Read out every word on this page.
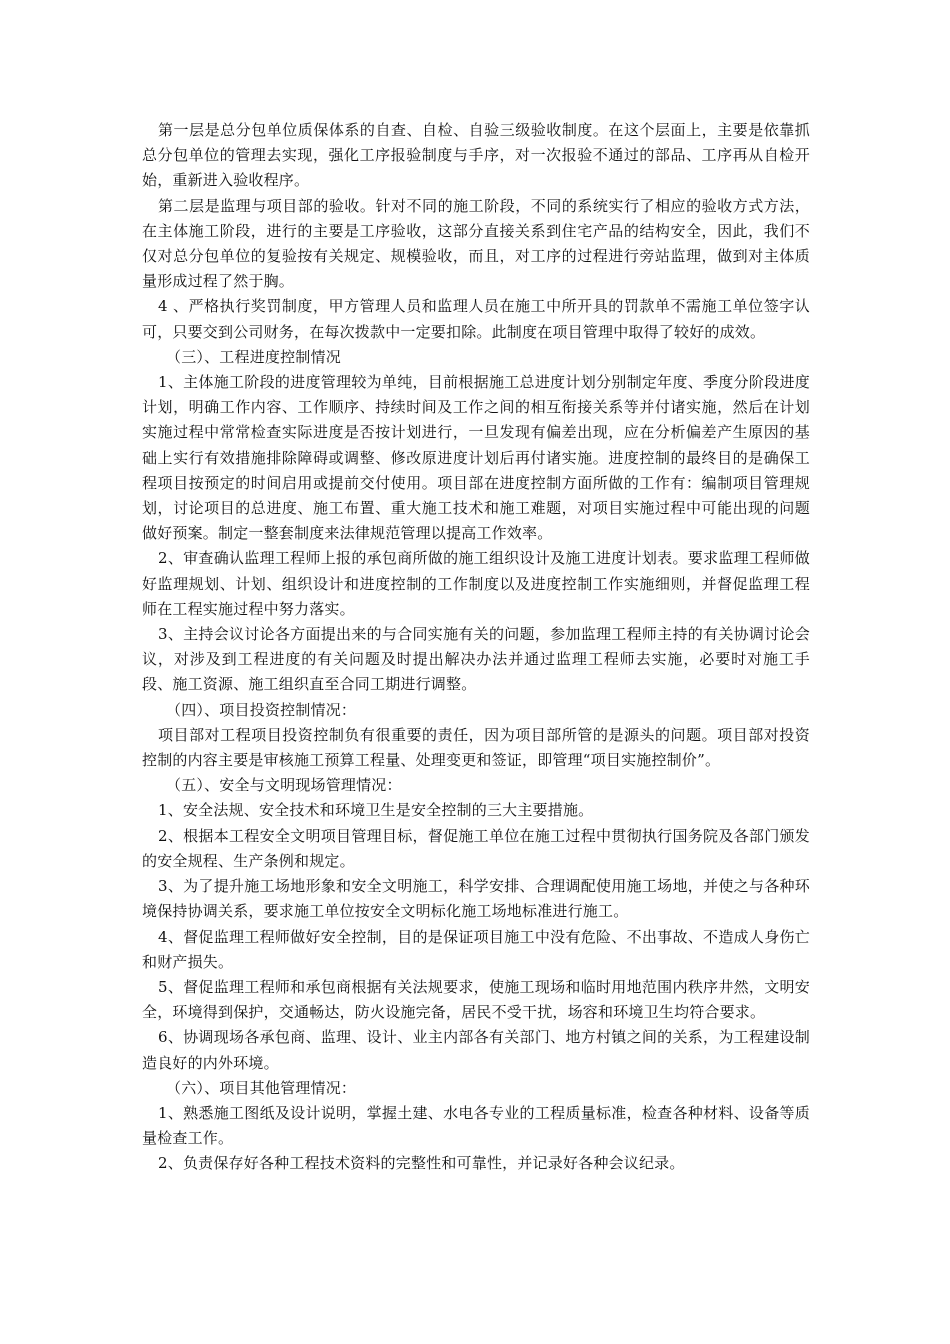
第一层是总分包单位质保体系的自查、自检、自验三级验收制度。在这个层面上，主要是依靠抓总分包单位的管理去实现，强化工序报验制度与手序，对一次报验不通过的部品、工序再从自检开始，重新进入验收程序。

第二层是监理与项目部的验收。针对不同的施工阶段，不同的系统实行了相应的验收方式方法，在主体施工阶段，进行的主要是工序验收，这部分直接关系到住宅产品的结构安全，因此，我们不仅对总分包单位的复验按有关规定、规模验收，而且，对工序的过程进行旁站监理，做到对主体质量形成过程了然于胸。

4 、严格执行奖罚制度，甲方管理人员和监理人员在施工中所开具的罚款单不需施工单位签字认可，只要交到公司财务，在每次拨款中一定要扣除。此制度在项目管理中取得了较好的成效。

（三）、工程进度控制情况

1、主体施工阶段的进度管理较为单纯，目前根据施工总进度计划分别制定年度、季度分阶段进度计划，明确工作内容、工作顺序、持续时间及工作之间的相互衔接关系等并付诸实施，然后在计划实施过程中常常检查实际进度是否按计划进行，一旦发现有偏差出现，应在分析偏差产生原因的基础上实行有效措施排除障碍或调整、修改原进度计划后再付诸实施。进度控制的最终目的是确保工程项目按预定的时间启用或提前交付使用。项目部在进度控制方面所做的工作有：编制项目管理规划，讨论项目的总进度、施工布置、重大施工技术和施工难题，对项目实施过程中可能出现的问题做好预案。制定一整套制度来法律规范管理以提高工作效率。

2、审查确认监理工程师上报的承包商所做的施工组织设计及施工进度计划表。要求监理工程师做好监理规划、计划、组织设计和进度控制的工作制度以及进度控制工作实施细则，并督促监理工程师在工程实施过程中努力落实。

3、主持会议讨论各方面提出来的与合同实施有关的问题，参加监理工程师主持的有关协调讨论会议，对涉及到工程进度的有关问题及时提出解决办法并通过监理工程师去实施，必要时对施工手段、施工资源、施工组织直至合同工期进行调整。

（四）、项目投资控制情况：

项目部对工程项目投资控制负有很重要的责任，因为项目部所管的是源头的问题。项目部对投资控制的内容主要是审核施工预算工程量、处理变更和签证，即管理“项目实施控制价”。

（五）、安全与文明现场管理情况：

1、安全法规、安全技术和环境卫生是安全控制的三大主要措施。

2、根据本工程安全文明项目管理目标，督促施工单位在施工过程中贯彻执行国务院及各部门颁发的安全规程、生产条例和规定。

3、为了提升施工场地形象和安全文明施工，科学安排、合理调配使用施工场地，并使之与各种环境保持协调关系，要求施工单位按安全文明标化施工场地标准进行施工。

4、督促监理工程师做好安全控制，目的是保证项目施工中没有危险、不出事故、不造成人身伤亡和财产损失。

5、督促监理工程师和承包商根据有关法规要求，使施工现场和临时用地范围内秩序井然，文明安全，环境得到保护，交通畅达，防火设施完备，居民不受干扰，场容和环境卫生均符合要求。

6、协调现场各承包商、监理、设计、业主内部各有关部门、地方村镇之间的关系，为工程建设制造良好的内外环境。

（六）、项目其他管理情况：

1、熟悉施工图纸及设计说明，掌握土建、水电各专业的工程质量标准，检查各种材料、设备等质量检查工作。

2、负责保存好各种工程技术资料的完整性和可靠性，并记录好各种会议纪录。
